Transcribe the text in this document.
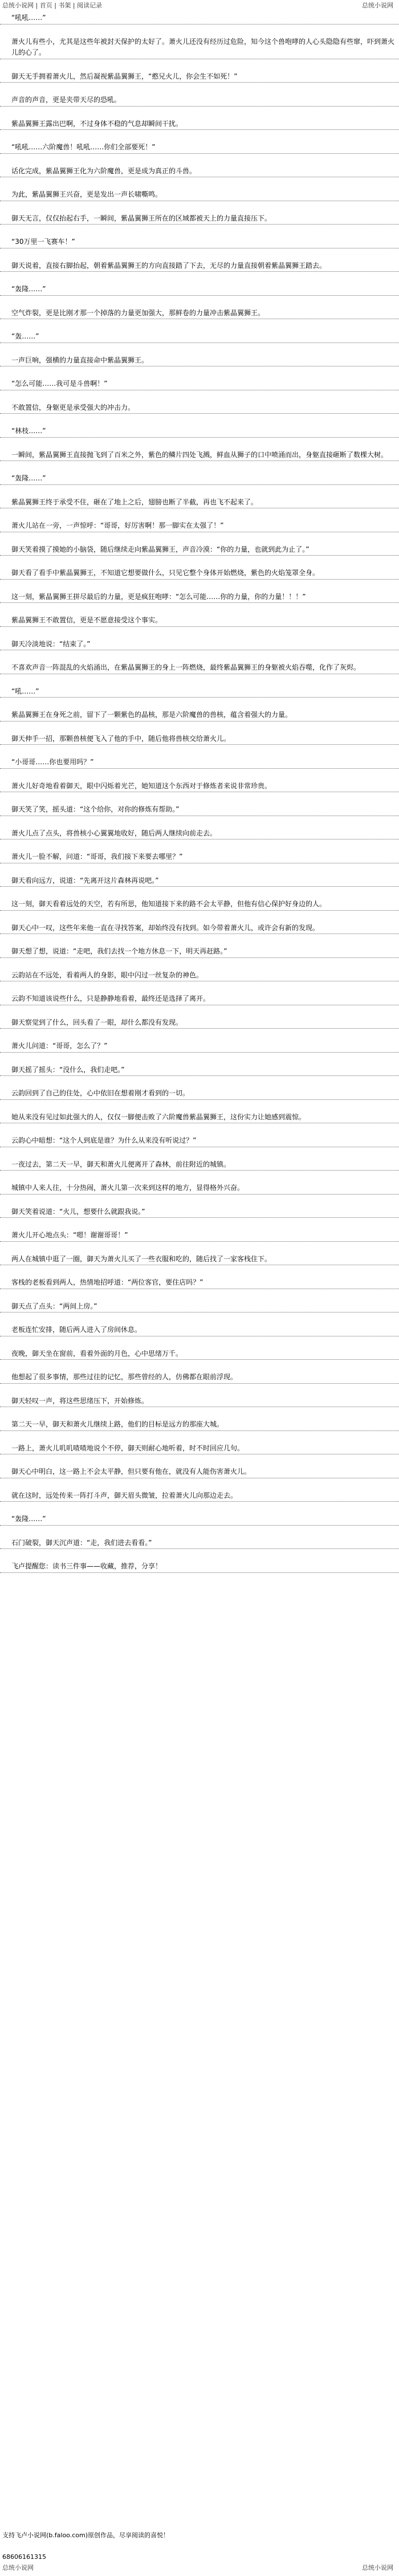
总统小说网 | 首页 | 书架 | 阅读记录	总统小说网

“吼吼……”

萧火儿有些小，尤其是这些年被封天保护的太好了。萧火儿还没有经历过危险，知今这个兽咆哮的人心头隐隐有些窜，吓到萧火儿的心了。

御天无手拥着萧火儿，然后凝视紫晶翼狮王，“憨兄火儿，你会生不如死！”

声音的声音，更是夹带天尽的恐吼。

紫晶翼狮王露出巴啊，不过身体不稳的气息却瞬间干扰。

“吼吼……六阶魔兽！吼吼……你们全部要死！”

话化完成，紫晶翼狮王化为六阶魔兽，更是成为真正的斗兽。

为此，紫晶翼狮王兴奋，更是发出一声长啸嘶鸣。

御天无言，仅仅抬起右手，一瞬间，紫晶翼狮王所在的区域都被天上的力量直接压下。

“30万里一飞赛车！”

御天说着，直接右脚抬起，朝着紫晶翼狮王的方向直接踏了下去，无尽的力量直接朝着紫晶翼狮王踏去。

“轰隆……”

空气炸裂，更是比刚才那一个掉落的力量更加强大，那鲜卷的力量冲击紫晶翼狮王。

“轰……”

一声巨响，强横的力量直接命中紫晶翼狮王。

“怎么可能……我可是斗兽啊！”

不敢置信，身躯更是承受强大的冲击力。

“林枝……”

一瞬间，紫晶翼狮王直接抛飞到了百米之外，紫色的鳞片四处飞溅，鲜血从狮子的口中喷涌而出，身躯直接砸断了数棵大树。

“轰隆……”

紫晶翼狮王终于承受不住，砸在了地上之后，翅膀也断了半截，再也飞不起来了。

萧火儿站在一旁，一声惊呼：“哥哥，好厉害啊！那一脚实在太强了！”

御天笑着摸了摸她的小脑袋，随后继续走向紫晶翼狮王，声音冷漠：“你的力量，也就到此为止了。”

御天看了看手中紫晶翼狮王，不知道它想要做什么，只见它整个身体开始燃烧，紫色的火焰笼罩全身。

这一刻，紫晶翼狮王拼尽最后的力量，更是疯狂咆哮：“怎么可能……你的力量，你的力量！！！”

紫晶翼狮王不敢置信，更是不愿意接受这个事实。

御天冷淡地说：“结束了。”

不喜欢声音一阵混乱的火焰涌出，在紫晶翼狮王的身上一阵燃烧，最终紫晶翼狮王的身躯被火焰吞噬，化作了灰烬。

“吼……”

紫晶翼狮王在身死之前，留下了一颗紫色的晶核，那是六阶魔兽的兽核，蕴含着强大的力量。

御天伸手一招，那颗兽核便飞入了他的手中，随后他将兽核交给萧火儿。

“小哥哥……你也要用吗？”

萧火儿好奇地看着御天，眼中闪烁着光芒，她知道这个东西对于修炼者来说非常珍贵。

御天笑了笑，摇头道：“这个给你，对你的修炼有帮助。”

萧火儿点了点头，将兽核小心翼翼地收好，随后两人继续向前走去。

萧火儿一脸不解，问道：“哥哥，我们接下来要去哪里？”

御天看向远方，说道：“先离开这片森林再说吧。”

这一刻，御天看着远处的天空，若有所思，他知道接下来的路不会太平静，但他有信心保护好身边的人。

御天心中一叹，这些年来他一直在寻找答案，却始终没有找到。如今带着萧火儿，或许会有新的发现。

御天想了想，说道：“走吧，我们去找一个地方休息一下，明天再赶路。”

云韵站在不远处，看着两人的身影，眼中闪过一丝复杂的神色。

云韵不知道该说些什么，只是静静地看着，最终还是选择了离开。

御天察觉到了什么，回头看了一眼，却什么都没有发现。

萧火儿问道：“哥哥，怎么了？”

御天摇了摇头：“没什么，我们走吧。”

云韵回到了自己的住处，心中依旧在想着刚才看到的一切。

她从来没有见过如此强大的人，仅仅一脚便击败了六阶魔兽紫晶翼狮王，这份实力让她感到震惊。

云韵心中暗想：“这个人到底是谁？为什么从来没有听说过？”

一夜过去，第二天一早，御天和萧火儿便离开了森林，前往附近的城镇。

城镇中人来人往，十分热闹，萧火儿第一次来到这样的地方，显得格外兴奋。

御天笑着说道：“火儿，想要什么就跟我说。”

萧火儿开心地点头：“嗯！谢谢哥哥！”

两人在城镇中逛了一圈，御天为萧火儿买了一些衣服和吃的，随后找了一家客栈住下。

客栈的老板看到两人，热情地招呼道：“两位客官，要住店吗？”

御天点了点头：“两间上房。”

老板连忙安排，随后两人进入了房间休息。

夜晚，御天坐在窗前，看着外面的月色，心中思绪万千。

他想起了很多事情，那些过往的记忆，那些曾经的人，仿佛都在眼前浮现。

御天轻叹一声，将这些思绪压下，开始修炼。

第二天一早，御天和萧火儿继续上路，他们的目标是远方的那座大城。

一路上，萧火儿叽叽喳喳地说个不停，御天则耐心地听着，时不时回应几句。

御天心中明白，这一路上不会太平静，但只要有他在，就没有人能伤害萧火儿。

就在这时，远处传来一阵打斗声，御天眉头微皱，拉着萧火儿向那边走去。

“轰隆……”

石门破裂，御天沉声道：“走，我们进去看看。”

飞卢提醒您：读书三件事——收藏，推荐，分享！

支持飞卢小说网(b.faloo.com)原创作品，尽享阅读的喜悦！
68606161315
总统小说网	总统小说网
